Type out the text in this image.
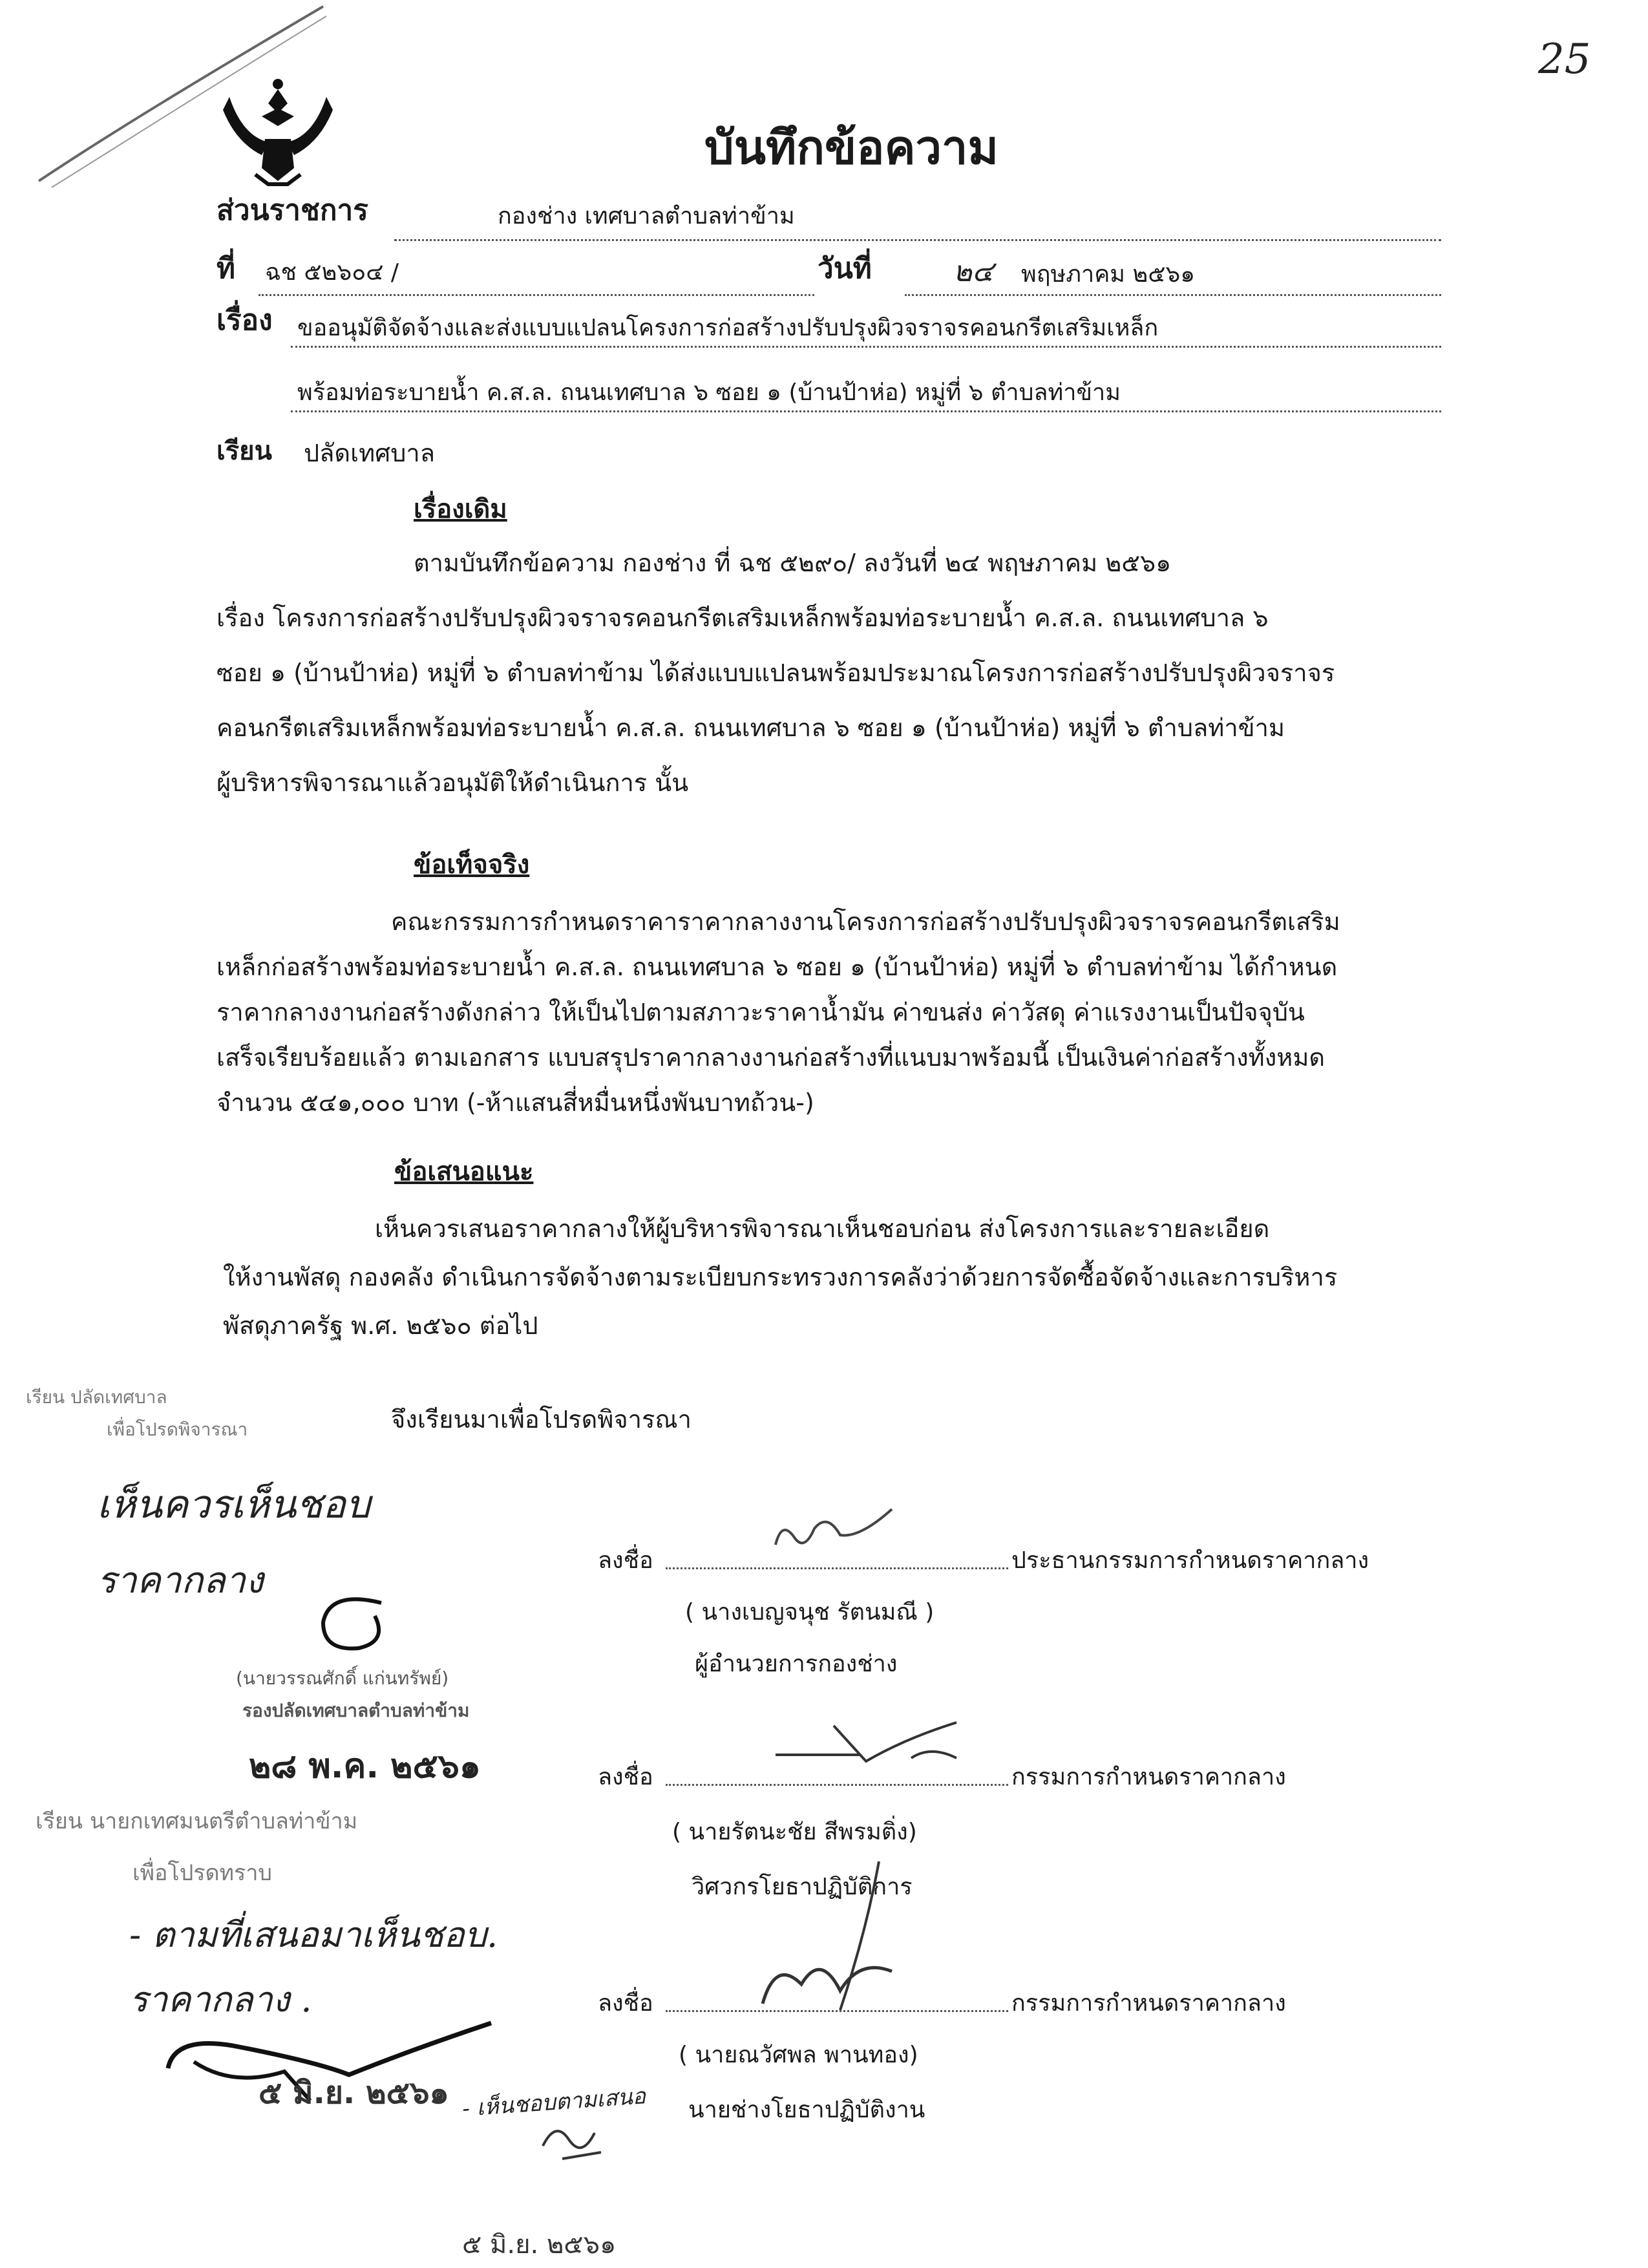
25
บันทึกข้อความ
ส่วนราชการ	กองช่าง เทศบาลตำบลท่าข้าม
ที่ ฉช ๕๒๖๐๔ /	วันที่	๒๔ พฤษภาคม ๒๕๖๑
เรื่อง ขออนุมัติจัดจ้างและส่งแบบแปลนโครงการก่อสร้างปรับปรุงผิวจราจรคอนกรีตเสริมเหล็ก
พร้อมท่อระบายน้ำ ค.ส.ล. ถนนเทศบาล ๖ ซอย ๑ (บ้านป้าห่อ) หมู่ที่ ๖ ตำบลท่าข้าม
เรียน ปลัดเทศบาล
เรื่องเดิม
ตามบันทึกข้อความ กองช่าง ที่ ฉช ๕๒๙๐/ ลงวันที่ ๒๔ พฤษภาคม ๒๕๖๑
เรื่อง โครงการก่อสร้างปรับปรุงผิวจราจรคอนกรีตเสริมเหล็กพร้อมท่อระบายน้ำ ค.ส.ล. ถนนเทศบาล ๖
ซอย ๑ (บ้านป้าห่อ) หมู่ที่ ๖ ตำบลท่าข้าม ได้ส่งแบบแปลนพร้อมประมาณโครงการก่อสร้างปรับปรุงผิวจราจร
คอนกรีตเสริมเหล็กพร้อมท่อระบายน้ำ ค.ส.ล. ถนนเทศบาล ๖ ซอย ๑ (บ้านป้าห่อ) หมู่ที่ ๖ ตำบลท่าข้าม
ผู้บริหารพิจารณาแล้วอนุมัติให้ดำเนินการ นั้น
ข้อเท็จจริง
คณะกรรมการกำหนดราคาราคากลางงานโครงการก่อสร้างปรับปรุงผิวจราจรคอนกรีตเสริม
เหล็กก่อสร้างพร้อมท่อระบายน้ำ ค.ส.ล. ถนนเทศบาล ๖ ซอย ๑ (บ้านป้าห่อ) หมู่ที่ ๖ ตำบลท่าข้าม ได้กำหนด
ราคากลางงานก่อสร้างดังกล่าว ให้เป็นไปตามสภาวะราคาน้ำมัน ค่าขนส่ง ค่าวัสดุ ค่าแรงงานเป็นปัจจุบัน
เสร็จเรียบร้อยแล้ว ตามเอกสาร แบบสรุปราคากลางงานก่อสร้างที่แนบมาพร้อมนี้ เป็นเงินค่าก่อสร้างทั้งหมด
จำนวน ๕๔๑,๐๐๐ บาท (-ห้าแสนสี่หมื่นหนึ่งพันบาทถ้วน-)
ข้อเสนอแนะ
เห็นควรเสนอราคากลางให้ผู้บริหารพิจารณาเห็นชอบก่อน ส่งโครงการและรายละเอียด
ให้งานพัสดุ กองคลัง ดำเนินการจัดจ้างตามระเบียบกระทรวงการคลังว่าด้วยการจัดซื้อจัดจ้างและการบริหาร
พัสดุภาครัฐ พ.ศ. ๒๕๖๐ ต่อไป
จึงเรียนมาเพื่อโปรดพิจารณา
เรียน ปลัดเทศบาล
เพื่อโปรดพิจารณา
เห็นควรเห็นชอบ
ราคากลาง
(นายวรรณศักดิ์ แก่นทรัพย์)
รองปลัดเทศบาลตำบลท่าข้าม
๒๘ พ.ค. ๒๕๖๑
เรียน นายกเทศมนตรีตำบลท่าข้าม
เพื่อโปรดทราบ
- ตามที่เสนอมาเห็นชอบ.
ราคากลาง .
๕ มิ.ย. ๒๕๖๑ - เห็นชอบตามเสนอ
๕ มิ.ย. ๒๕๖๑
ลงชื่อ	ประธานกรรมการกำหนดราคากลาง
( นางเบญจนุช รัตนมณี )
ผู้อำนวยการกองช่าง
ลงชื่อ	กรรมการกำหนดราคากลาง
( นายรัตนะชัย สีพรมติ่ง)
วิศวกรโยธาปฏิบัติการ
ลงชื่อ	กรรมการกำหนดราคากลาง
( นายณวัศพล พานทอง)
นายช่างโยธาปฏิบัติงาน
